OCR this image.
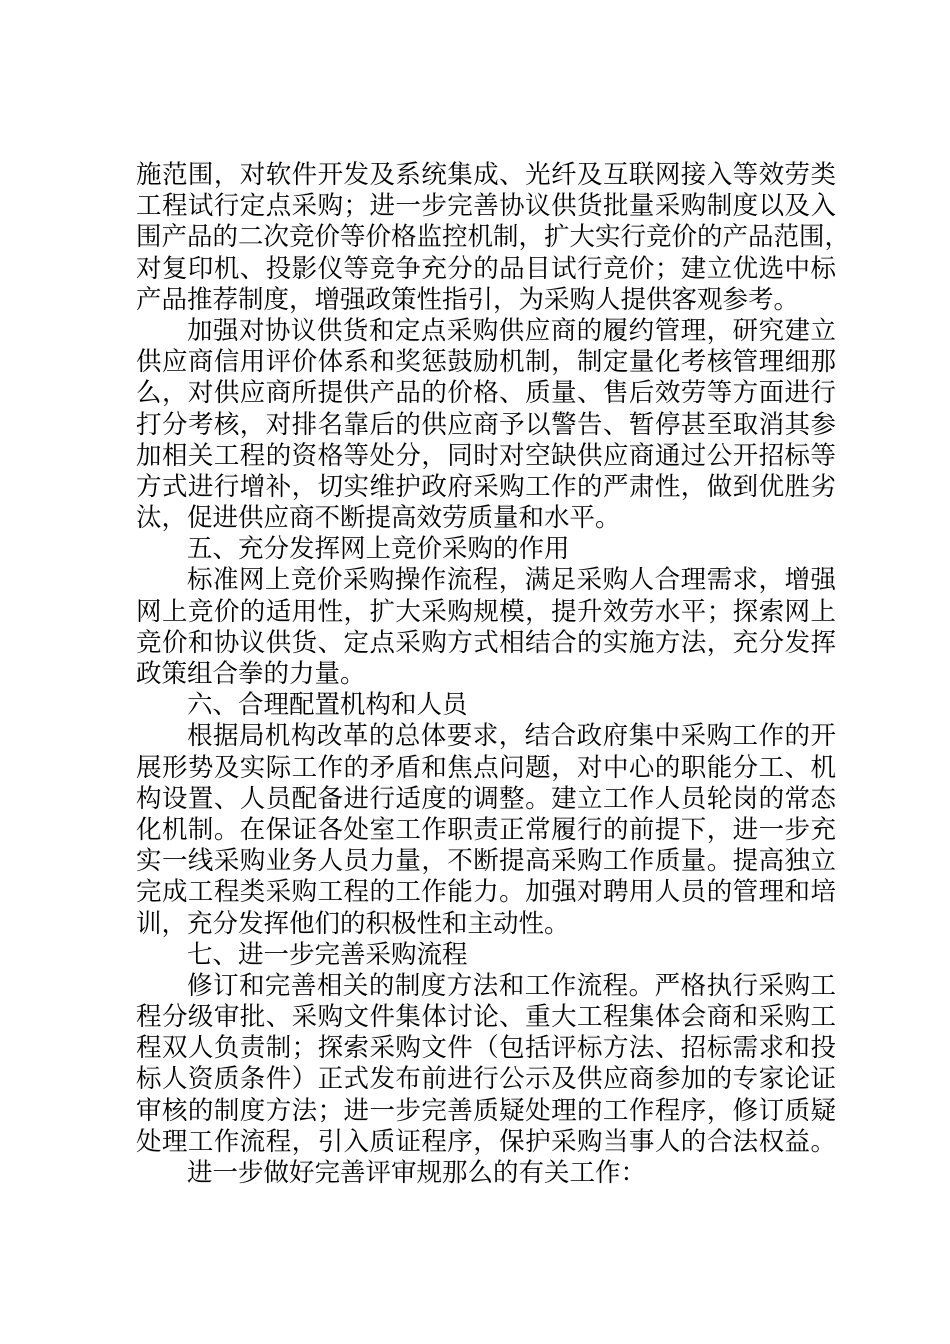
施范围，对软件开发及系统集成、光纤及互联网接入等效劳类
工程试行定点采购；进一步完善协议供货批量采购制度以及入
围产品的二次竞价等价格监控机制，扩大实行竞价的产品范围，
对复印机、投影仪等竞争充分的品目试行竞价；建立优选中标
产品推荐制度，增强政策性指引，为采购人提供客观参考。
加强对协议供货和定点采购供应商的履约管理，研究建立
供应商信用评价体系和奖惩鼓励机制，制定量化考核管理细那
么，对供应商所提供产品的价格、质量、售后效劳等方面进行
打分考核，对排名靠后的供应商予以警告、暂停甚至取消其参
加相关工程的资格等处分，同时对空缺供应商通过公开招标等
方式进行增补，切实维护政府采购工作的严肃性，做到优胜劣
汰，促进供应商不断提高效劳质量和水平。
五、充分发挥网上竞价采购的作用
标准网上竞价采购操作流程，满足采购人合理需求，增强
网上竞价的适用性，扩大采购规模，提升效劳水平；探索网上
竞价和协议供货、定点采购方式相结合的实施方法，充分发挥
政策组合拳的力量。
六、合理配置机构和人员
根据局机构改革的总体要求，结合政府集中采购工作的开
展形势及实际工作的矛盾和焦点问题，对中心的职能分工、机
构设置、人员配备进行适度的调整。建立工作人员轮岗的常态
化机制。在保证各处室工作职责正常履行的前提下，进一步充
实一线采购业务人员力量，不断提高采购工作质量。提高独立
完成工程类采购工程的工作能力。加强对聘用人员的管理和培
训，充分发挥他们的积极性和主动性。
七、进一步完善采购流程
修订和完善相关的制度方法和工作流程。严格执行采购工
程分级审批、采购文件集体讨论、重大工程集体会商和采购工
程双人负责制；探索采购文件（包括评标方法、招标需求和投
标人资质条件）正式发布前进行公示及供应商参加的专家论证
审核的制度方法；进一步完善质疑处理的工作程序，修订质疑
处理工作流程，引入质证程序，保护采购当事人的合法权益。
进一步做好完善评审规那么的有关工作：
